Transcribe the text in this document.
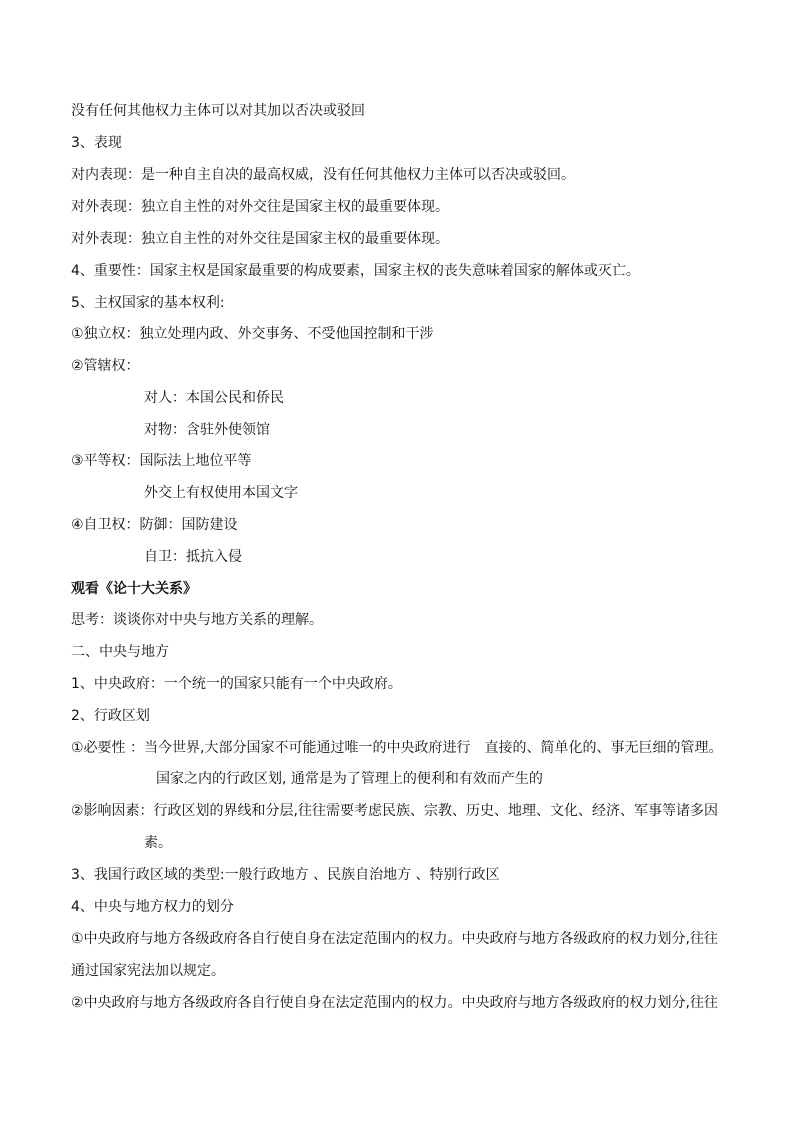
没有任何其他权力主体可以对其加以否决或驳回
3、表现
对内表现：是一种自主自决的最高权威，没有任何其他权力主体可以否决或驳回。
对外表现：独立自主性的对外交往是国家主权的最重要体现。
对外表现：独立自主性的对外交往是国家主权的最重要体现。
4、重要性：国家主权是国家最重要的构成要素，国家主权的丧失意味着国家的解体或灭亡。
5、主权国家的基本权利:
①独立权：独立处理内政、外交事务、不受他国控制和干涉
②管辖权：
对人：本国公民和侨民
对物：含驻外使领馆
③平等权：国际法上地位平等
外交上有权使用本国文字
④自卫权：防御：国防建设
自卫：抵抗入侵
观看《论十大关系》
思考：谈谈你对中央与地方关系的理解。
二、中央与地方
1、中央政府：一个统一的国家只能有一个中央政府。
2、行政区划
①必要性 ：当今世界,大部分国家不可能通过唯一的中央政府进行　直接的、简单化的、事无巨细的管理。
国家之内的行政区划, 通常是为了管理上的便利和有效而产生的
②影响因素：行政区划的界线和分层,往往需要考虑民族、宗教、历史、地理、文化、经济、军事等诸多因
素。
3、我国行政区域的类型:一般行政地方 、民族自治地方 、特别行政区
4、中央与地方权力的划分
①中央政府与地方各级政府各自行使自身在法定范围内的权力。中央政府与地方各级政府的权力划分,往往
通过国家宪法加以规定。
②中央政府与地方各级政府各自行使自身在法定范围内的权力。中央政府与地方各级政府的权力划分,往往
